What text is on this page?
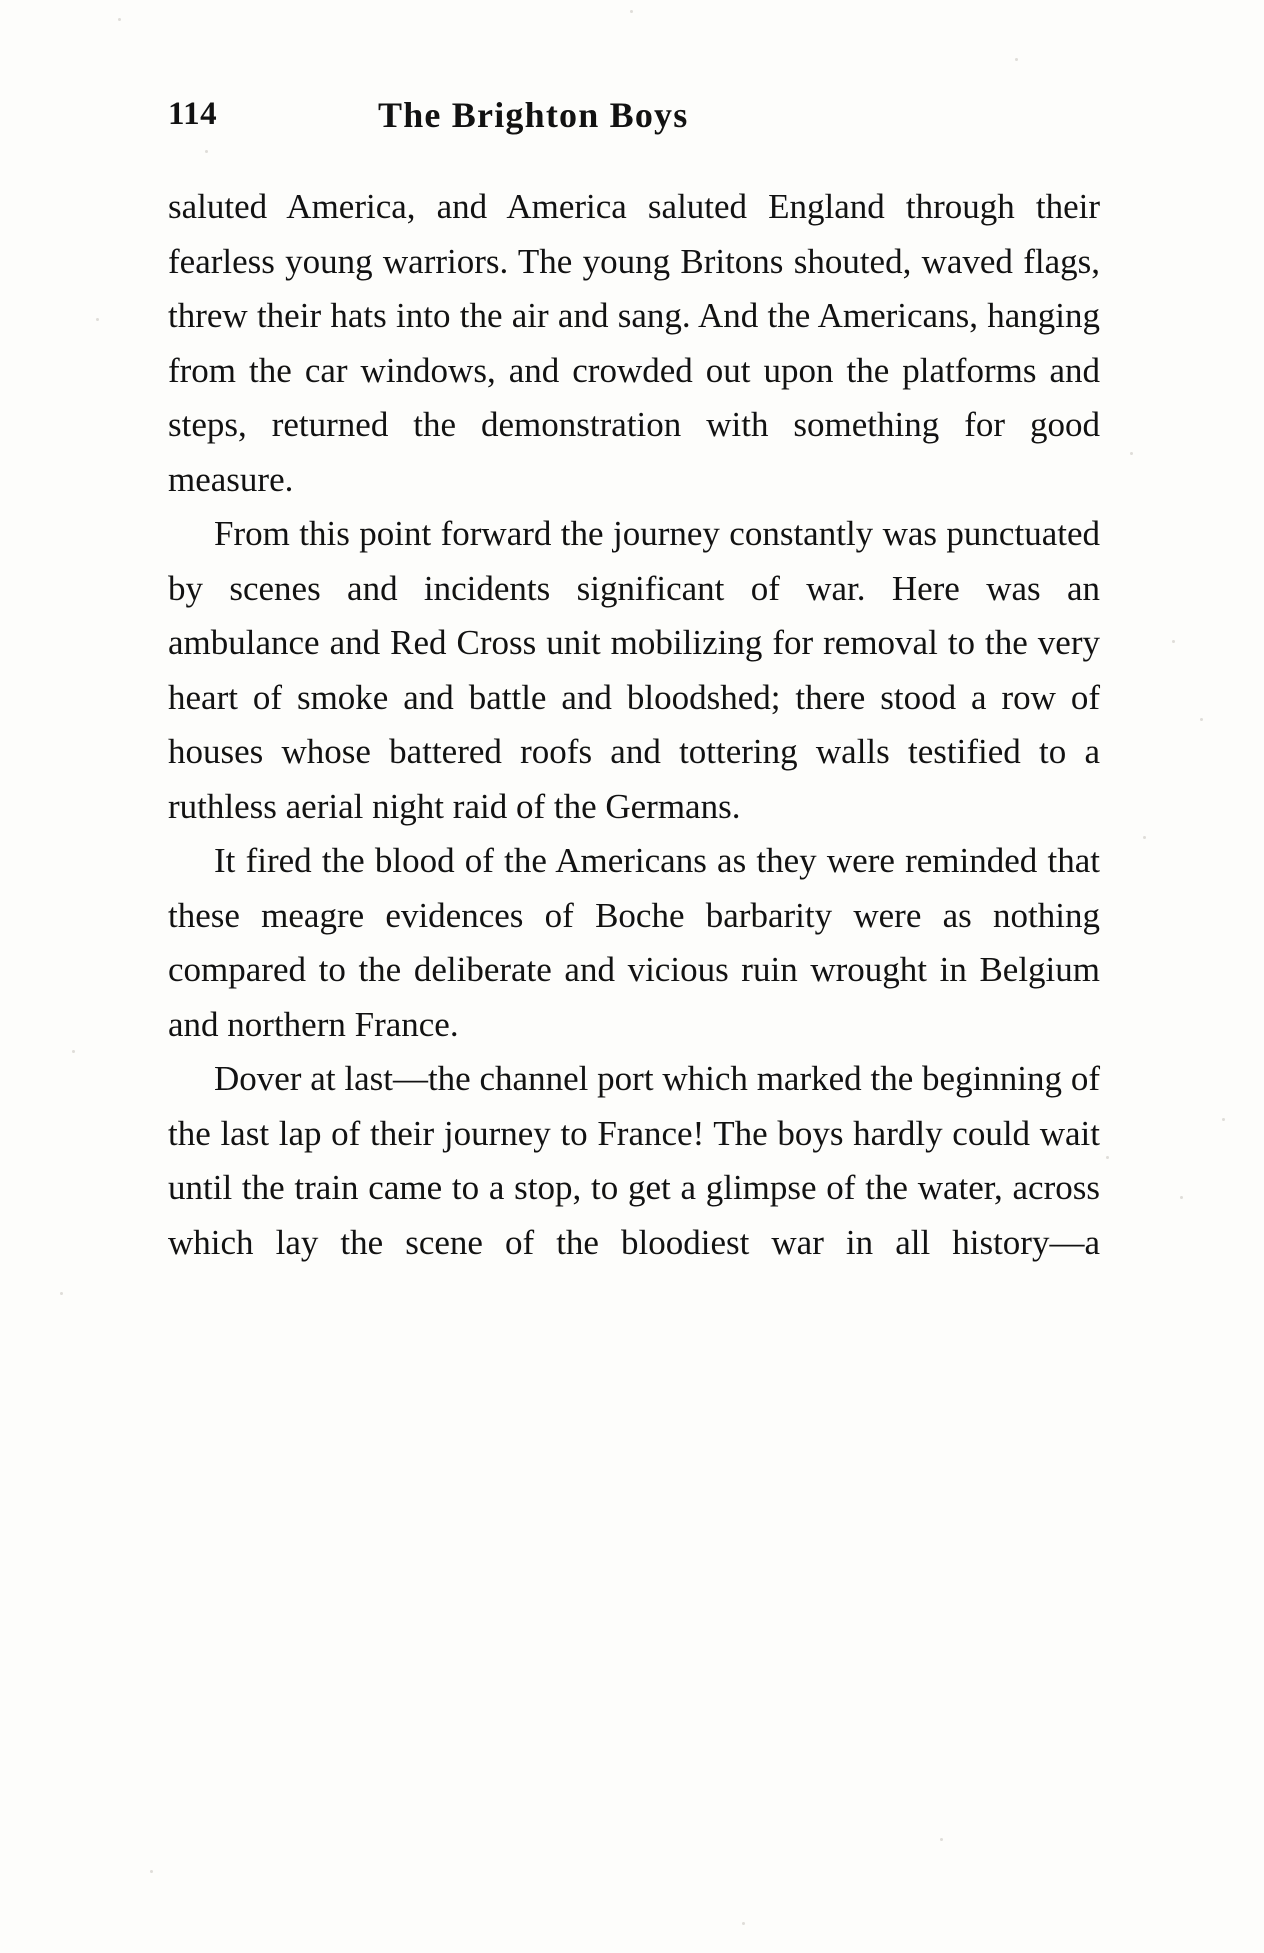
114	The Brighton Boys

saluted America, and America saluted England through their fearless young warriors. The young Britons shouted, waved flags, threw their hats into the air and sang. And the Americans, hanging from the car windows, and crowded out upon the platforms and steps, returned the demonstration with something for good measure.

From this point forward the journey constantly was punctuated by scenes and incidents significant of war. Here was an ambulance and Red Cross unit mobilizing for removal to the very heart of smoke and battle and bloodshed; there stood a row of houses whose battered roofs and tottering walls testified to a ruthless aerial night raid of the Germans.

It fired the blood of the Americans as they were reminded that these meagre evidences of Boche barbarity were as nothing compared to the deliberate and vicious ruin wrought in Belgium and northern France.

Dover at last—the channel port which marked the beginning of the last lap of their journey to France! The boys hardly could wait until the train came to a stop, to get a glimpse of the water, across which lay the scene of the bloodiest war in all history—a
